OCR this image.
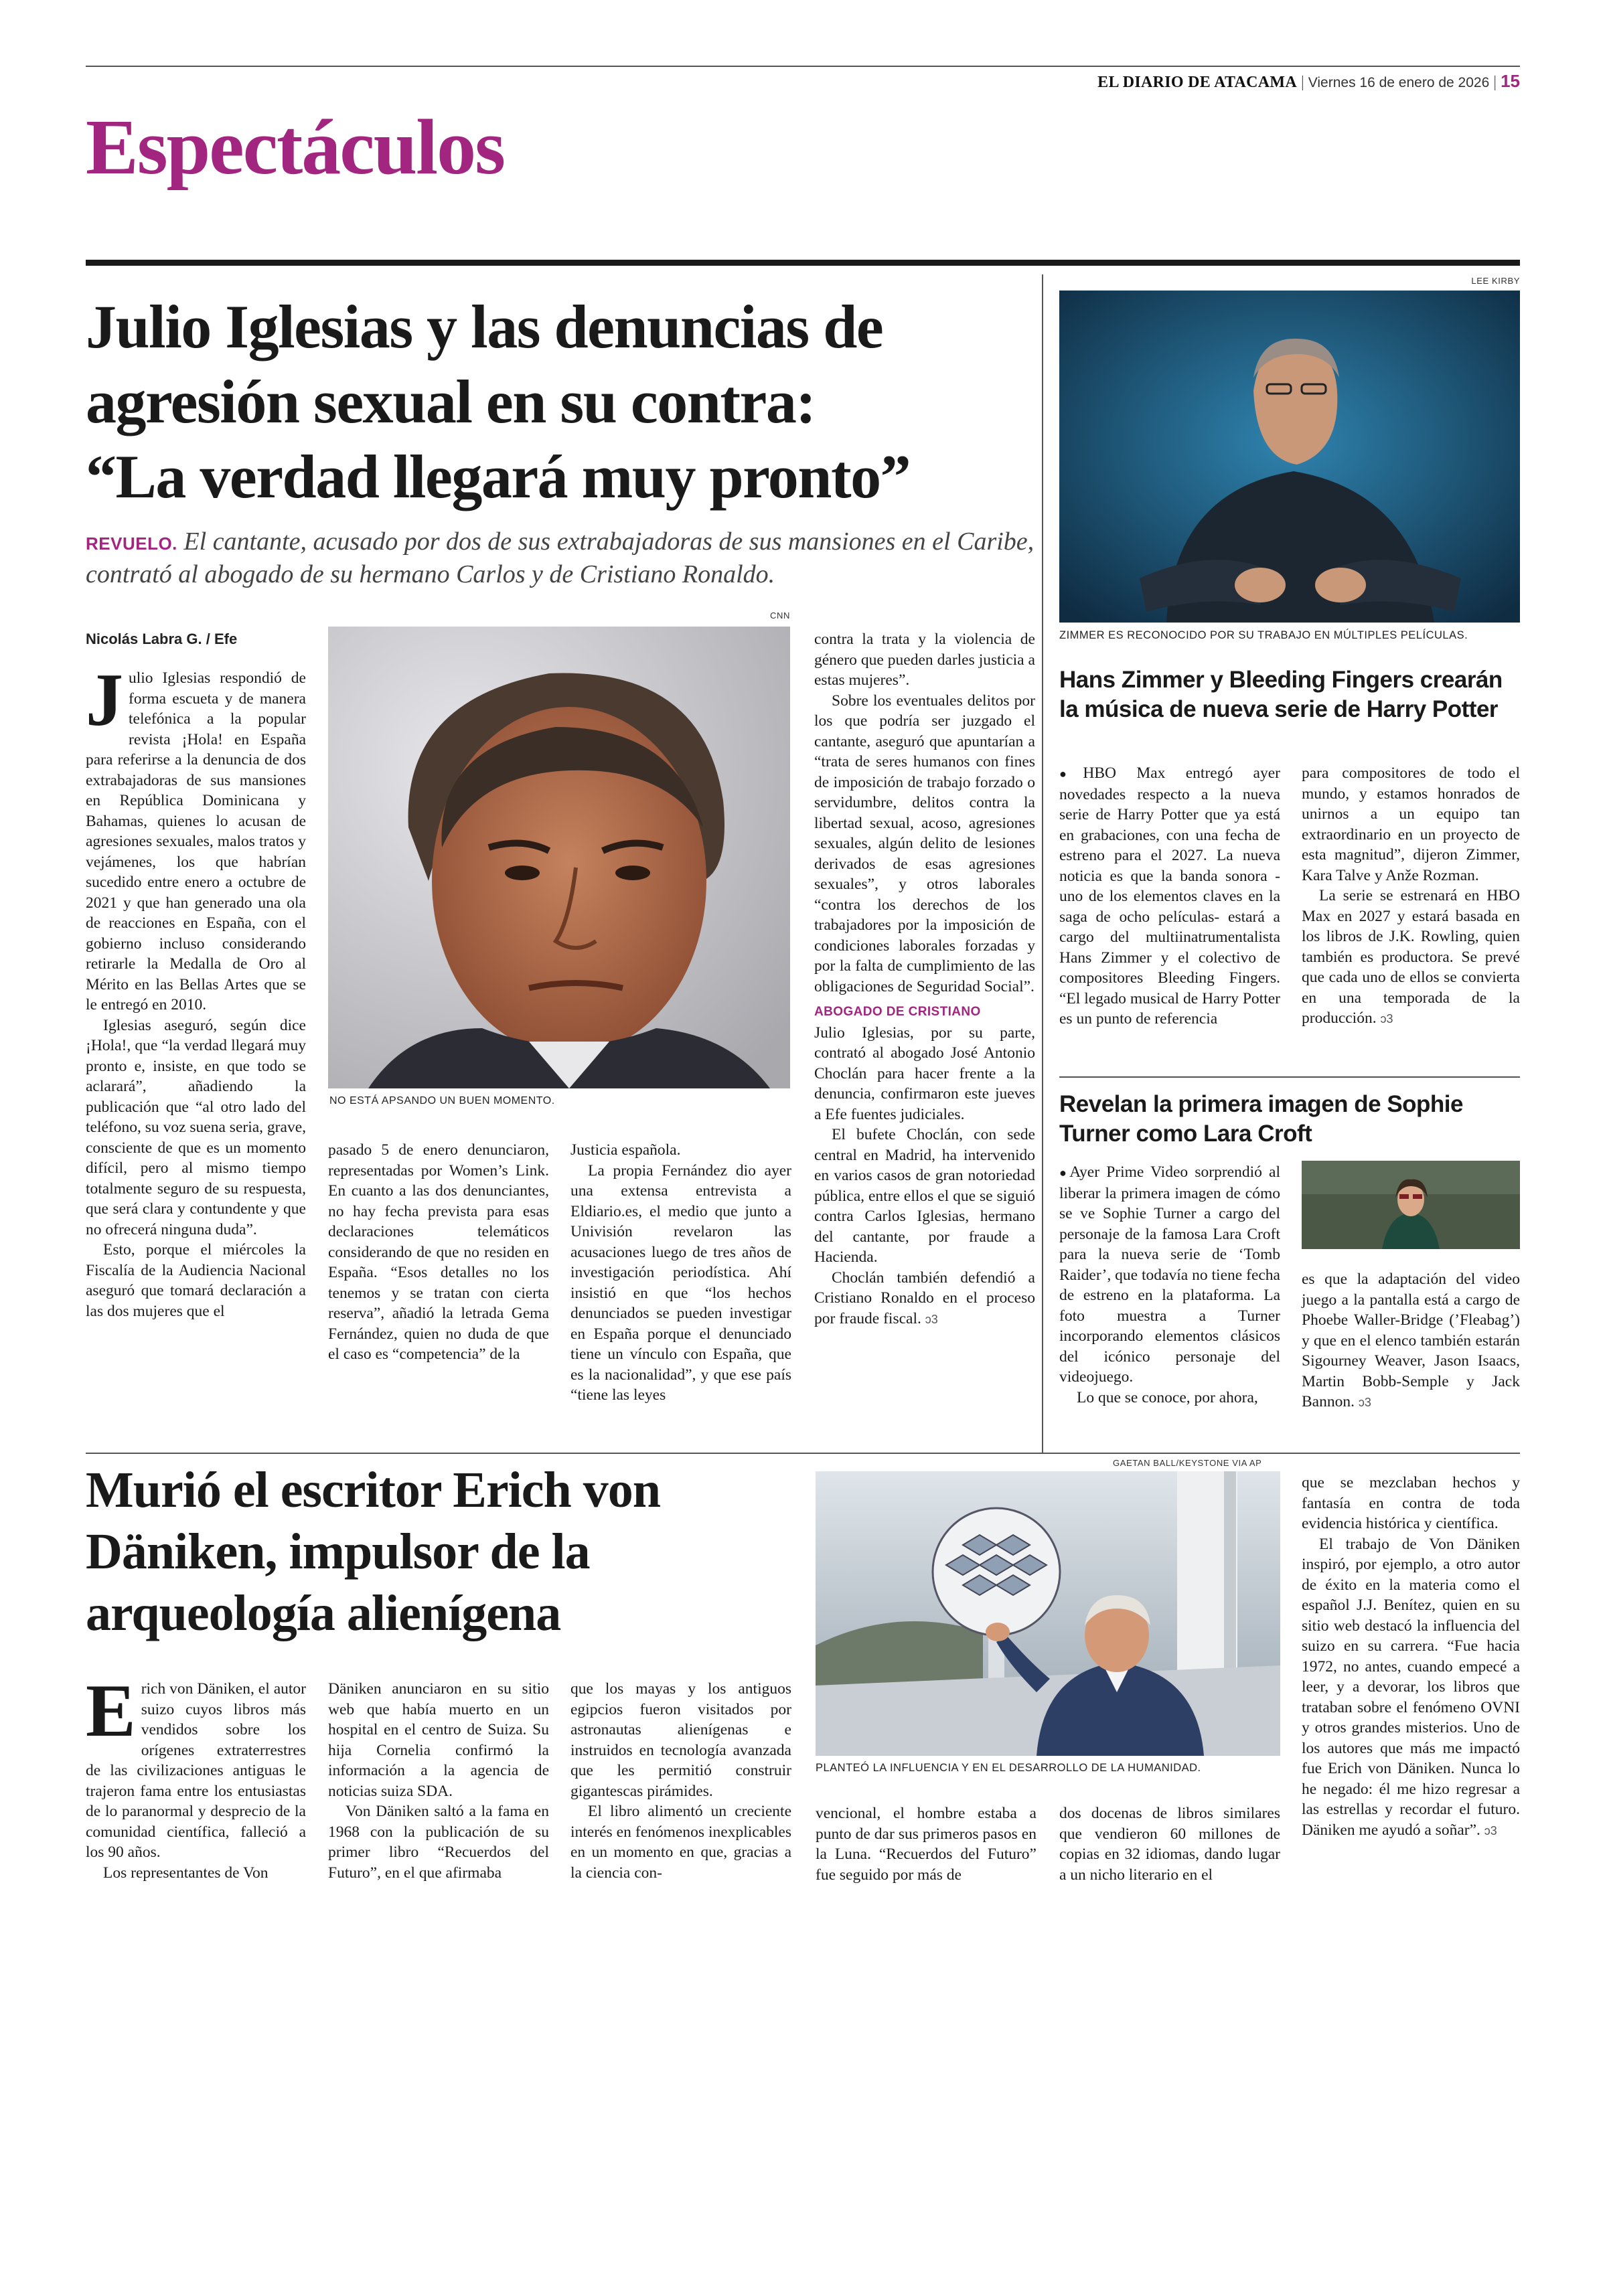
EL DIARIO DE ATACAMA | Viernes 16 de enero de 2026 | 15
Espectáculos
Julio Iglesias y las denuncias de
agresión sexual en su contra:
“La verdad llegará muy pronto”
REVUELO. El cantante, acusado por dos de sus extrabajadoras de sus mansiones en el Caribe, contrató al abogado de su hermano Carlos y de Cristiano Ronaldo.
Nicolás Labra G. / Efe
CNN
NO ESTÁ APSANDO UN BUEN MOMENTO.

Julio Iglesias respondió de forma escueta y de manera telefónica a la popular revista ¡Hola! en España para referirse a la denuncia de dos extrabajadoras de sus mansiones en República Dominicana y Bahamas, quienes lo acusan de agresiones sexuales, malos tratos y vejámenes, los que habrían sucedido entre enero a octubre de 2021 y que han generado una ola de reacciones en España, con el gobierno incluso considerando retirarle la Medalla de Oro al Mérito en las Bellas Artes que se le entregó en 2010.

Iglesias aseguró, según dice ¡Hola!, que “la verdad llegará muy pronto e, insiste, en que todo se aclarará”, añadiendo la publicación que “al otro lado del teléfono, su voz suena seria, grave, consciente de que es un momento difícil, pero al mismo tiempo totalmente seguro de su respuesta, que será clara y contundente y que no ofrecerá ninguna duda”.

Esto, porque el miércoles la Fiscalía de la Audiencia Nacional aseguró que tomará declaración a las dos mujeres que el

pasado 5 de enero denunciaron, representadas por Women’s Link. En cuanto a las dos denunciantes, no hay fecha prevista para esas declaraciones telemáticos considerando de que no residen en España. “Esos detalles no los tenemos y se tratan con cierta reserva”, añadió la letrada Gema Fernández, quien no duda de que el caso es “competencia” de la

Justicia española.

La propia Fernández dio ayer una extensa entrevista a Eldiario.es, el medio que junto a Univisión revelaron las acusaciones luego de tres años de investigación periodística. Ahí insistió en que “los hechos denunciados se pueden investigar en España porque el denunciado tiene un vínculo con España, que es la nacionalidad”, y que ese país “tiene las leyes

contra la trata y la violencia de género que pueden darles justicia a estas mujeres”.

Sobre los eventuales delitos por los que podría ser juzgado el cantante, aseguró que apuntarían a “trata de seres humanos con fines de imposición de trabajo forzado o servidumbre, delitos contra la libertad sexual, acoso, agresiones sexuales, algún delito de lesiones derivados de esas agresiones sexuales”, y otros laborales “contra los derechos de los trabajadores por la imposición de condiciones laborales forzadas y por la falta de cumplimiento de las obligaciones de Seguridad Social”.

ABOGADO DE CRISTIANO

Julio Iglesias, por su parte, contrató al abogado José Antonio Choclán para hacer frente a la denuncia, confirmaron este jueves a Efe fuentes judiciales.

El bufete Choclán, con sede central en Madrid, ha intervenido en varios casos de gran notoriedad pública, entre ellos el que se siguió contra Carlos Iglesias, hermano del cantante, por fraude a Hacienda.

Choclán también defendió a Cristiano Ronaldo en el proceso por fraude fiscal. ↄ3

LEE KIRBY
ZIMMER ES RECONOCIDO POR SU TRABAJO EN MÚLTIPLES PELÍCULAS.
Hans Zimmer y Bleeding Fingers crearán la música de nueva serie de Harry Potter

●HBO Max entregó ayer novedades respecto a la nueva serie de Harry Potter que ya está en grabaciones, con una fecha de estreno para el 2027. La nueva noticia es que la banda sonora -uno de los elementos claves en la saga de ocho películas- estará a cargo del multiinatrumentalista Hans Zimmer y el colectivo de compositores Bleeding Fingers. “El legado musical de Harry Potter es un punto de referencia

para compositores de todo el mundo, y estamos honrados de unirnos a un equipo tan extraordinario en un proyecto de esta magnitud”, dijeron Zimmer, Kara Talve y Anže Rozman.

La serie se estrenará en HBO Max en 2027 y estará basada en los libros de J.K. Rowling, quien también es productora. Se prevé que cada uno de ellos se convierta en una temporada de la producción. ↄ3

Revelan la primera imagen de Sophie Turner como Lara Croft

●Ayer Prime Video sorprendió al liberar la primera imagen de cómo se ve Sophie Turner a cargo del personaje de la famosa Lara Croft para la nueva serie de ‘Tomb Raider’, que todavía no tiene fecha de estreno en la plataforma. La foto muestra a Turner incorporando elementos clásicos del icónico personaje del videojuego.

Lo que se conoce, por ahora,

es que la adaptación del video juego a la pantalla está a cargo de Phoebe Waller-Bridge (’Fleabag’) y que en el elenco también estarán Sigourney Weaver, Jason Isaacs, Martin Bobb-Semple y Jack Bannon. ↄ3

Murió el escritor Erich von
Däniken, impulsor de la
arqueología alienígena
GAETAN BALL/KEYSTONE VIA AP
PLANTEÓ LA INFLUENCIA Y EN EL DESARROLLO DE LA HUMANIDAD.

Erich von Däniken, el autor suizo cuyos libros más vendidos sobre los orígenes extraterrestres de las civilizaciones antiguas le trajeron fama entre los entusiastas de lo paranormal y desprecio de la comunidad científica, falleció a los 90 años.

Los representantes de Von

Däniken anunciaron en su sitio web que había muerto en un hospital en el centro de Suiza. Su hija Cornelia confirmó la información a la agencia de noticias suiza SDA.

Von Däniken saltó a la fama en 1968 con la publicación de su primer libro “Recuerdos del Futuro”, en el que afirmaba

que los mayas y los antiguos egipcios fueron visitados por astronautas alienígenas e instruidos en tecnología avanzada que les permitió construir gigantescas pirámides.

El libro alimentó un creciente interés en fenómenos inexplicables en un momento en que, gracias a la ciencia con-

vencional, el hombre estaba a punto de dar sus primeros pasos en la Luna. “Recuerdos del Futuro” fue seguido por más de

dos docenas de libros similares que vendieron 60 millones de copias en 32 idiomas, dando lugar a un nicho literario en el

que se mezclaban hechos y fantasía en contra de toda evidencia histórica y científica.

El trabajo de Von Däniken inspiró, por ejemplo, a otro autor de éxito en la materia como el español J.J. Benítez, quien en su sitio web destacó la influencia del suizo en su carrera. “Fue hacia 1972, no antes, cuando empecé a leer, y a devorar, los libros que trataban sobre el fenómeno OVNI y otros grandes misterios. Uno de los autores que más me impactó fue Erich von Däniken. Nunca lo he negado: él me hizo regresar a las estrellas y recordar el futuro. Däniken me ayudó a soñar”. ↄ3
